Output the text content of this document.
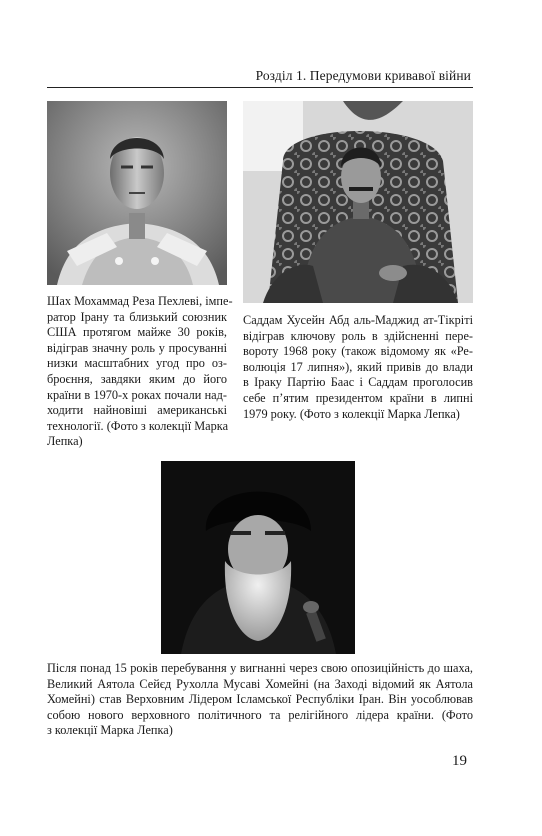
Розділ 1. Передумови кривавої війни
Шах Мохаммад Реза Пехлеві, імпе-
ратор Ірану та близький союзник
США протягом майже 30 років,
відіграв значну роль у просуванні
низки масштабних угод про оз-
броєння, завдяки яким до його
країни в 1970-х роках почали над-
ходити найновіші американські
технології. (Фото з колекції Марка
Лепка)
Саддам Хусейн Абд аль-Маджид ат-Тікріті
відіграв ключову роль в здійсненні пере-
вороту 1968 року (також відомому як «Ре-
волюція 17 липня»), який привів до влади
в Іраку Партію Баас і Саддам проголосив
себе п’ятим президентом країни в липні
1979 року. (Фото з колекції Марка Лепка)
Після понад 15 років перебування у вигнанні через свою опозиційність до шаха,
Великий Аятола Сейєд Рухолла Мусаві Хомейні (на Заході відомий як Аятола
Хомейні) став Верховним Лідером Ісламської Республіки Іран. Він уособлював
собою нового верховного політичного та релігійного лідера країни. (Фото
з колекції Марка Лепка)
19
